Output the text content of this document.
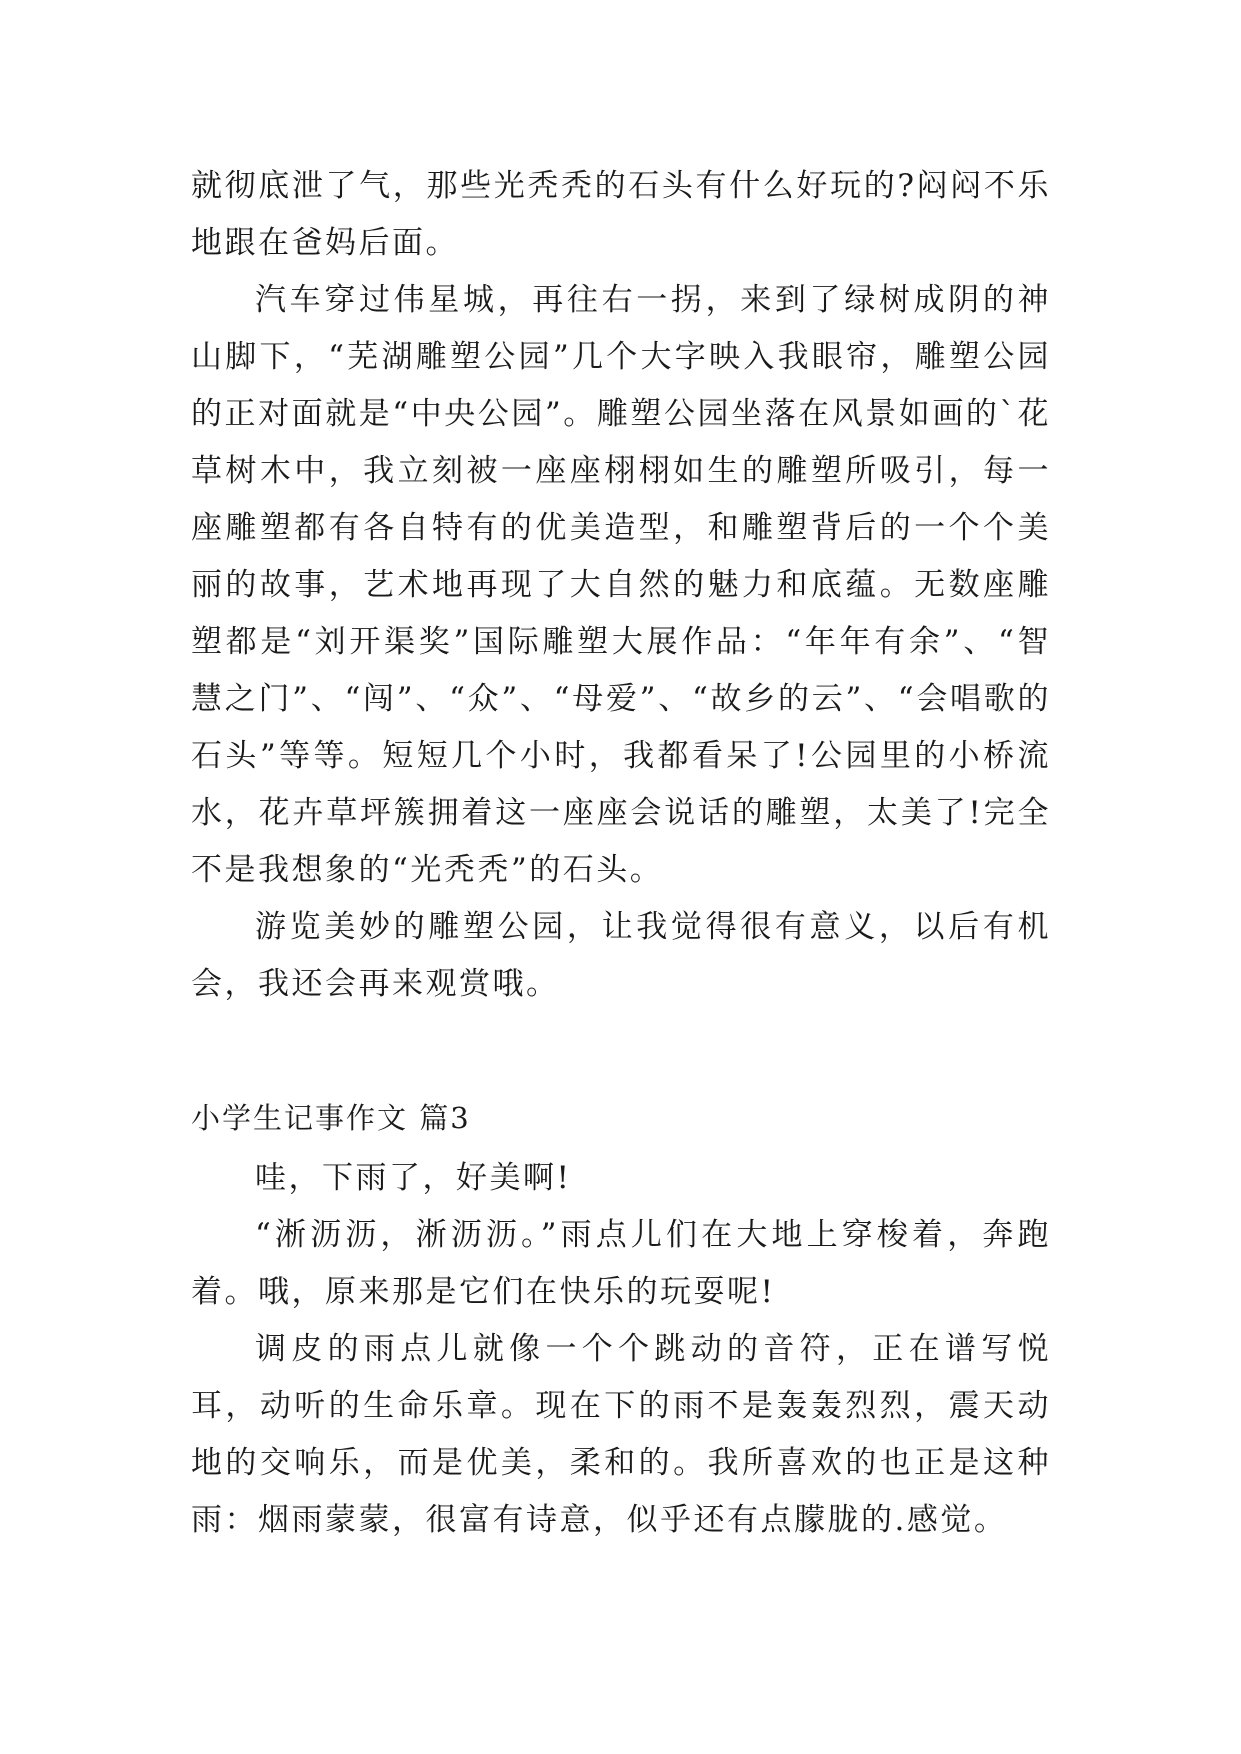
就彻底泄了气，那些光秃秃的石头有什么好玩的?闷闷不乐地跟在爸妈后面。

汽车穿过伟星城，再往右一拐，来到了绿树成阴的神山脚下，“芜湖雕塑公园”几个大字映入我眼帘，雕塑公园的正对面就是“中央公园”。雕塑公园坐落在风景如画的`花草树木中，我立刻被一座座栩栩如生的雕塑所吸引，每一座雕塑都有各自特有的优美造型，和雕塑背后的一个个美丽的故事，艺术地再现了大自然的魅力和底蕴。无数座雕塑都是“刘开渠奖”国际雕塑大展作品：“年年有余”、“智慧之门”、“闯”、“众”、“母爱”、“故乡的云”、“会唱歌的石头”等等。短短几个小时，我都看呆了!公园里的小桥流水，花卉草坪簇拥着这一座座会说话的雕塑，太美了!完全不是我想象的“光秃秃”的石头。

游览美妙的雕塑公园，让我觉得很有意义，以后有机会，我还会再来观赏哦。

小学生记事作文 篇3

哇，下雨了，好美啊!

“淅沥沥，淅沥沥。”雨点儿们在大地上穿梭着，奔跑着。哦，原来那是它们在快乐的玩耍呢!

调皮的雨点儿就像一个个跳动的音符，正在谱写悦耳，动听的生命乐章。现在下的雨不是轰轰烈烈，震天动地的交响乐，而是优美，柔和的。我所喜欢的也正是这种雨：烟雨蒙蒙，很富有诗意，似乎还有点朦胧的.感觉。
